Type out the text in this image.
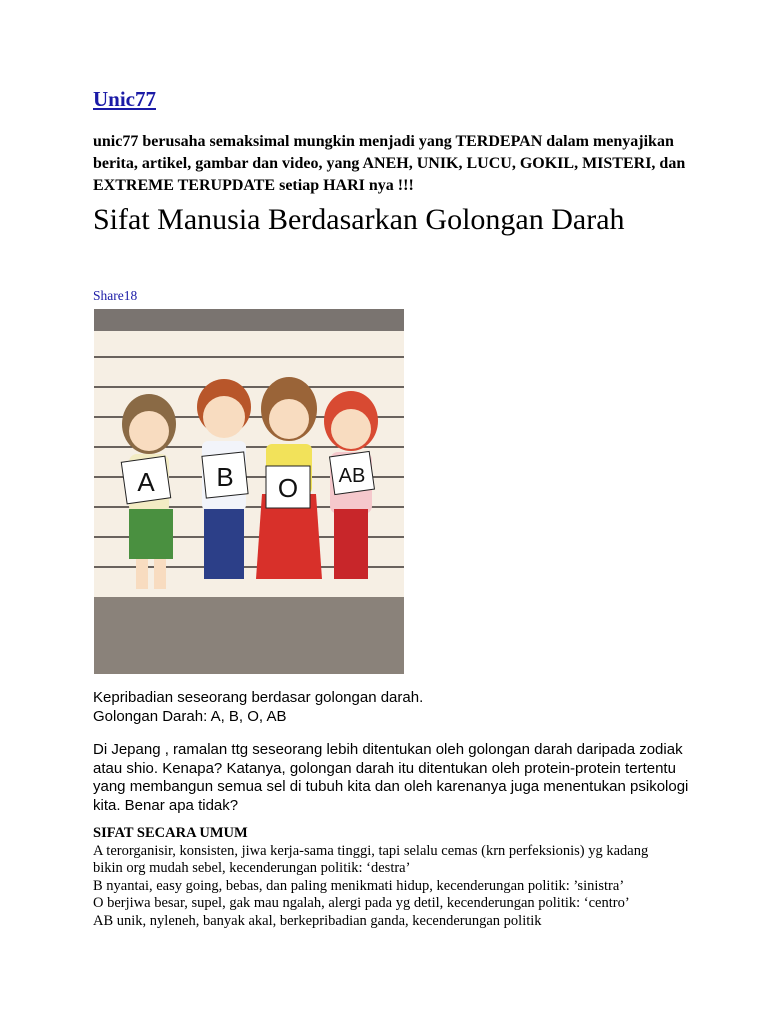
Unic77
unic77 berusaha semaksimal mungkin menjadi yang TERDEPAN dalam menyajikan berita, artikel, gambar dan video, yang ANEH, UNIK, LUCU, GOKIL, MISTERI, dan EXTREME TERUPDATE setiap HARI nya !!!
Sifat Manusia Berdasarkan Golongan Darah
Share18
A B O AB

Kepribadian seseorang berdasar golongan darah.

Golongan Darah: A, B, O, AB

Di Jepang , ramalan ttg seseorang lebih ditentukan oleh golongan darah daripada zodiak atau shio. Kenapa? Katanya, golongan darah itu ditentukan oleh protein-protein tertentu yang membangun semua sel di tubuh kita dan oleh karenanya juga menentukan psikologi kita. Benar apa tidak?

SIFAT SECARA UMUM

A terorganisir, konsisten, jiwa kerja-sama tinggi, tapi selalu cemas (krn perfeksionis) yg kadang bikin org mudah sebel, kecenderungan politik: ‘destra’

B nyantai, easy going, bebas, dan paling menikmati hidup, kecenderungan politik: ’sinistra’

O berjiwa besar, supel, gak mau ngalah, alergi pada yg detil, kecenderungan politik: ‘centro’

AB unik, nyleneh, banyak akal, berkepribadian ganda, kecenderungan politik
